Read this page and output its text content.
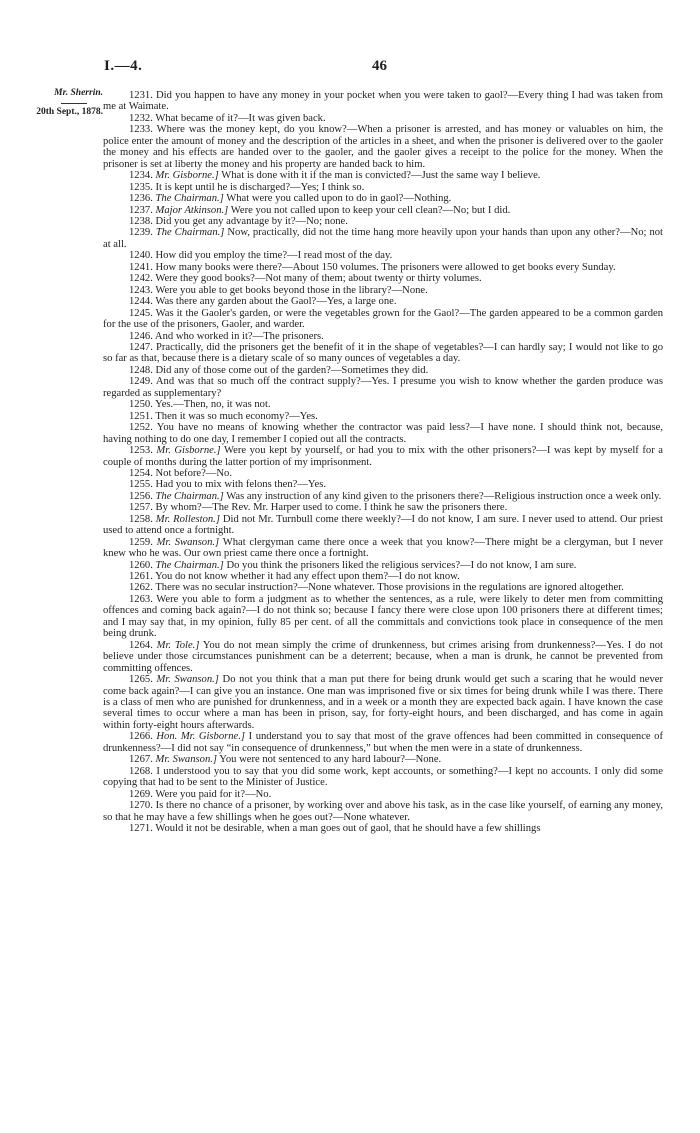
I.—4.	46
Mr. Sherrin.
20th Sept., 1878.

1231. Did you happen to have any money in your pocket when you were taken to gaol?—Every thing I had was taken from me at Waimate.

1232. What became of it?—It was given back.

1233. Where was the money kept, do you know?—When a prisoner is arrested, and has money or valuables on him, the police enter the amount of money and the description of the articles in a sheet, and when the prisoner is delivered over to the gaoler the money and his effects are handed over to the gaoler, and the gaoler gives a receipt to the police for the money. When the prisoner is set at liberty the money and his property are handed back to him.

1234. Mr. Gisborne.] What is done with it if the man is convicted?—Just the same way I believe.

1235. It is kept until he is discharged?—Yes; I think so.

1236. The Chairman.] What were you called upon to do in gaol?—Nothing.

1237. Major Atkinson.] Were you not called upon to keep your cell clean?—No; but I did.

1238. Did you get any advantage by it?—No; none.

1239. The Chairman.] Now, practically, did not the time hang more heavily upon your hands than upon any other?—No; not at all.

1240. How did you employ the time?—I read most of the day.

1241. How many books were there?—About 150 volumes. The prisoners were allowed to get books every Sunday.

1242. Were they good books?—Not many of them; about twenty or thirty volumes.

1243. Were you able to get books beyond those in the library?—None.

1244. Was there any garden about the Gaol?—Yes, a large one.

1245. Was it the Gaoler's garden, or were the vegetables grown for the Gaol?—The garden appeared to be a common garden for the use of the prisoners, Gaoler, and warder.

1246. And who worked in it?—The prisoners.

1247. Practically, did the prisoners get the benefit of it in the shape of vegetables?—I can hardly say; I would not like to go so far as that, because there is a dietary scale of so many ounces of vegetables a day.

1248. Did any of those come out of the garden?—Sometimes they did.

1249. And was that so much off the contract supply?—Yes. I presume you wish to know whether the garden produce was regarded as supplementary?

1250. Yes.—Then, no, it was not.

1251. Then it was so much economy?—Yes.

1252. You have no means of knowing whether the contractor was paid less?—I have none. I should think not, because, having nothing to do one day, I remember I copied out all the contracts.

1253. Mr. Gisborne.] Were you kept by yourself, or had you to mix with the other prisoners?—I was kept by myself for a couple of months during the latter portion of my imprisonment.

1254. Not before?—No.

1255. Had you to mix with felons then?—Yes.

1256. The Chairman.] Was any instruction of any kind given to the prisoners there?—Religious instruction once a week only.

1257. By whom?—The Rev. Mr. Harper used to come. I think he saw the prisoners there.

1258. Mr. Rolleston.] Did not Mr. Turnbull come there weekly?—I do not know, I am sure. I never used to attend. Our priest used to attend once a fortnight.

1259. Mr. Swanson.] What clergyman came there once a week that you know?—There might be a clergyman, but I never knew who he was. Our own priest came there once a fortnight.

1260. The Chairman.] Do you think the prisoners liked the religious services?—I do not know, I am sure.

1261. You do not know whether it had any effect upon them?—I do not know.

1262. There was no secular instruction?—None whatever. Those provisions in the regulations are ignored altogether.

1263. Were you able to form a judgment as to whether the sentences, as a rule, were likely to deter men from committing offences and coming back again?—I do not think so; because I fancy there were close upon 100 prisoners there at different times; and I may say that, in my opinion, fully 85 per cent. of all the committals and convictions took place in consequence of the men being drunk.

1264. Mr. Tole.] You do not mean simply the crime of drunkenness, but crimes arising from drunkenness?—Yes. I do not believe under those circumstances punishment can be a deterrent; because, when a man is drunk, he cannot be prevented from committing offences.

1265. Mr. Swanson.] Do not you think that a man put there for being drunk would get such a scaring that he would never come back again?—I can give you an instance. One man was imprisoned five or six times for being drunk while I was there. There is a class of men who are punished for drunkenness, and in a week or a month they are expected back again. I have known the case several times to occur where a man has been in prison, say, for forty-eight hours, and been discharged, and has come in again within forty-eight hours afterwards.

1266. Hon. Mr. Gisborne.] I understand you to say that most of the grave offences had been committed in consequence of drunkenness?—I did not say “in consequence of drunkenness,” but when the men were in a state of drunkenness.

1267. Mr. Swanson.] You were not sentenced to any hard labour?—None.

1268. I understood you to say that you did some work, kept accounts, or something?—I kept no accounts. I only did some copying that had to be sent to the Minister of Justice.

1269. Were you paid for it?—No.

1270. Is there no chance of a prisoner, by working over and above his task, as in the case like yourself, of earning any money, so that he may have a few shillings when he goes out?—None whatever.

1271. Would it not be desirable, when a man goes out of gaol, that he should have a few shillings
